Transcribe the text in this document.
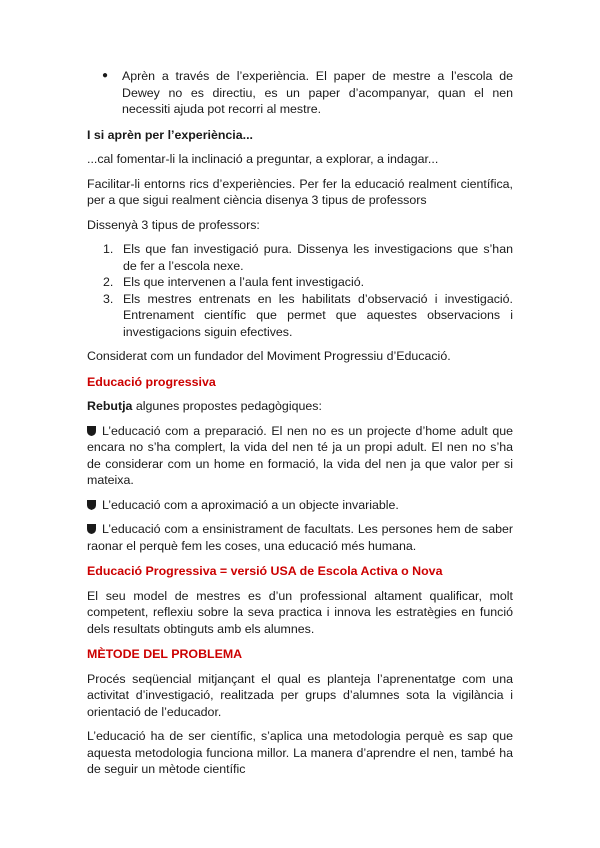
●	Aprèn a través de l’experiència. El paper de mestre a l’escola de Dewey no es directiu, es un paper d’acompanyar, quan el nen necessiti ajuda pot recorri al mestre.

I si aprèn per l’experiència...

...cal fomentar-li la inclinació a preguntar, a explorar, a indagar...

Facilitar-li entorns rics d’experiències. Per fer la educació realment científica, per a que sigui realment ciència disenya 3 tipus de professors

Dissenyà 3 tipus de professors:

1. Els que fan investigació pura. Dissenya les investigacions que s’han de fer a l’escola nexe.
2. Els que intervenen a l’aula fent investigació.
3. Els mestres entrenats en les habilitats d’observació i investigació. Entrenament científic que permet que aquestes observacions i investigacions siguin efectives.

Considerat com un fundador del Moviment Progressiu d’Educació.

Educació progressiva

Rebutja algunes propostes pedagògiques:

L’educació com a preparació. El nen no es un projecte d’home adult que encara no s’ha complert, la vida del nen té ja un propi adult. El nen no s’ha de considerar com un home en formació, la vida del nen ja que valor per si mateixa.

L’educació com a aproximació a un objecte invariable.

L’educació com a ensinistrament de facultats. Les persones hem de saber raonar el perquè fem les coses, una educació més humana.

Educació Progressiva = versió USA de Escola Activa o Nova

El seu model de mestres es d’un professional altament qualificar, molt competent, reflexiu sobre la seva practica i innova les estratègies en funció dels resultats obtinguts amb els alumnes.

MÈTODE DEL PROBLEMA

Procés seqüencial mitjançant el qual es planteja l’aprenentatge com una activitat d’investigació, realitzada per grups d’alumnes sota la vigilància i orientació de l’educador.

L’educació ha de ser científic, s’aplica una metodologia perquè es sap que aquesta metodologia funciona millor. La manera d’aprendre el nen, també ha de seguir un mètode científic
